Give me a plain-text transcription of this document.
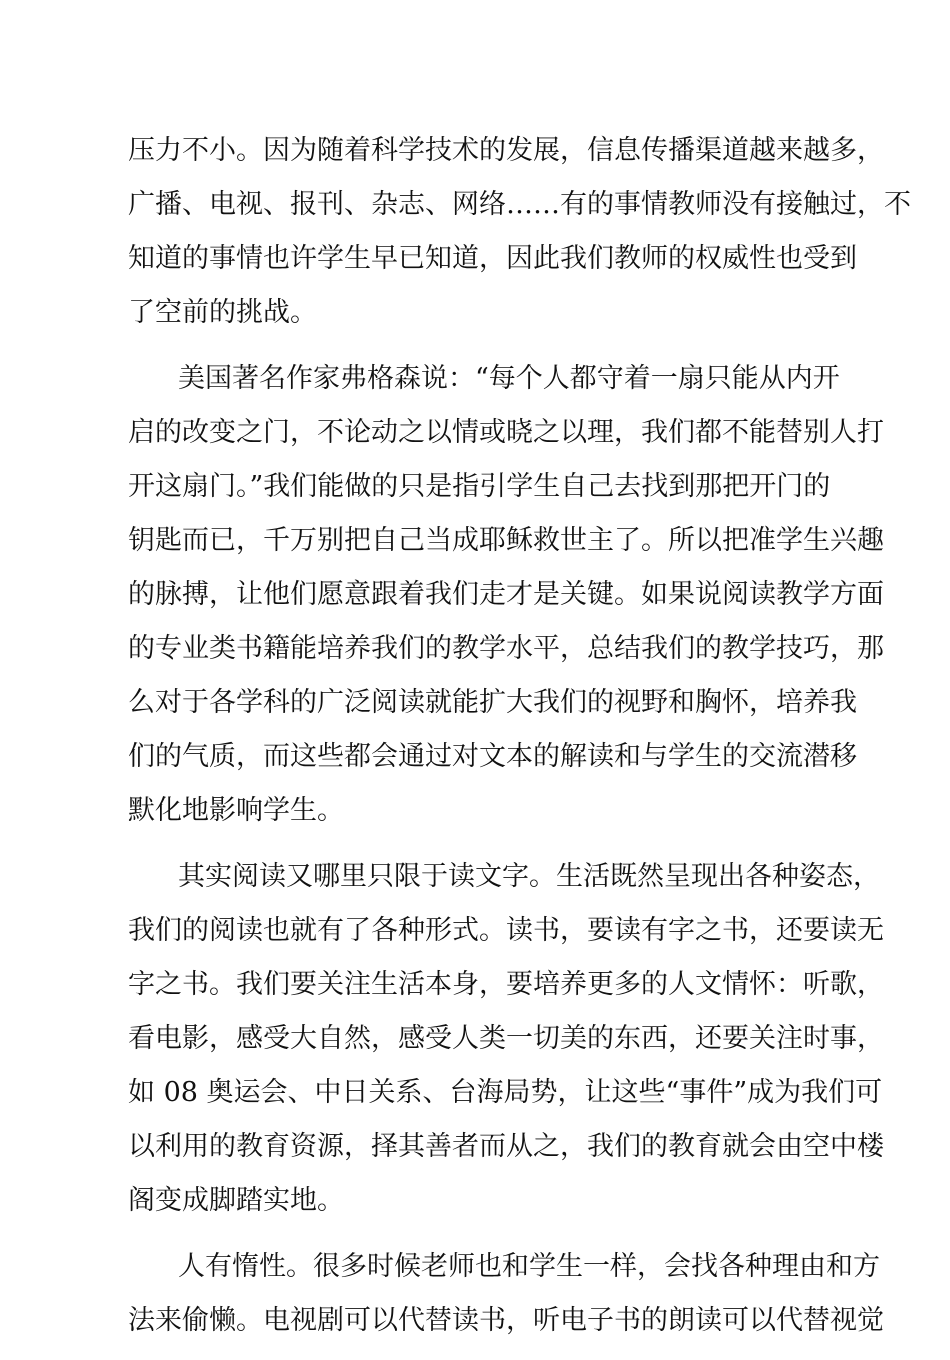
压力不小。因为随着科学技术的发展，信息传播渠道越来越多，
广播、电视、报刊、杂志、网络……有的事情教师没有接触过，不
知道的事情也许学生早已知道，因此我们教师的权威性也受到
了空前的挑战。
美国著名作家弗格森说：“每个人都守着一扇只能从内开
启的改变之门，不论动之以情或晓之以理，我们都不能替别人打
开这扇门。”我们能做的只是指引学生自己去找到那把开门的
钥匙而已，千万别把自己当成耶稣救世主了。所以把准学生兴趣
的脉搏，让他们愿意跟着我们走才是关键。如果说阅读教学方面
的专业类书籍能培养我们的教学水平，总结我们的教学技巧，那
么对于各学科的广泛阅读就能扩大我们的视野和胸怀，培养我
们的气质，而这些都会通过对文本的解读和与学生的交流潜移
默化地影响学生。
其实阅读又哪里只限于读文字。生活既然呈现出各种姿态，
我们的阅读也就有了各种形式。读书，要读有字之书，还要读无
字之书。我们要关注生活本身，要培养更多的人文情怀：听歌，
看电影，感受大自然，感受人类一切美的东西，还要关注时事，
如 08 奥运会、中日关系、台海局势，让这些“事件”成为我们可
以利用的教育资源，择其善者而从之，我们的教育就会由空中楼
阁变成脚踏实地。
人有惰性。很多时候老师也和学生一样，会找各种理由和方
法来偷懒。电视剧可以代替读书，听电子书的朗读可以代替视觉
